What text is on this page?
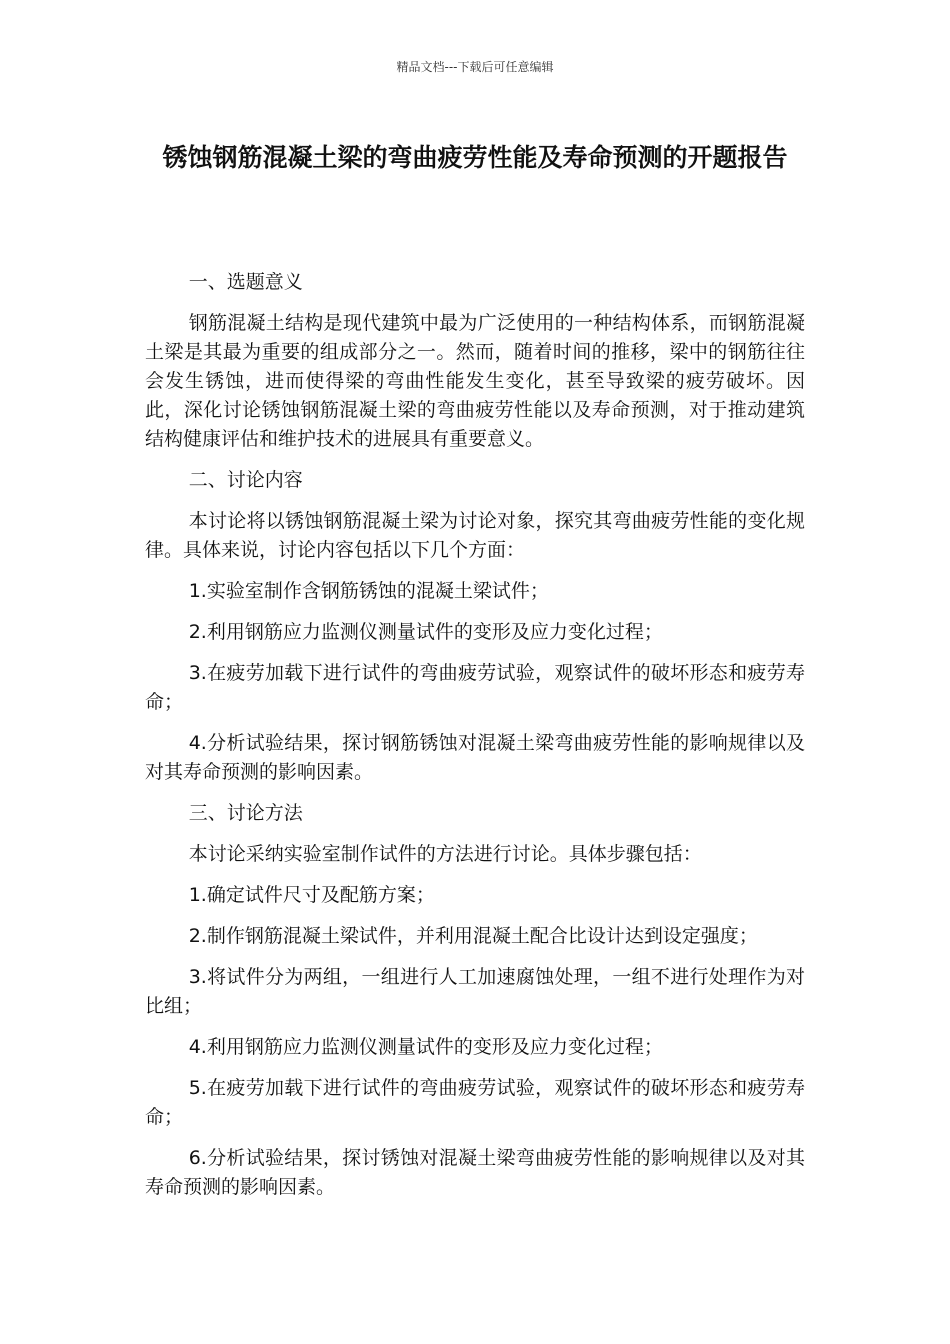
精品文档---下载后可任意编辑
锈蚀钢筋混凝土梁的弯曲疲劳性能及寿命预测的开题报告

一、选题意义

钢筋混凝土结构是现代建筑中最为广泛使用的一种结构体系，而钢筋混凝土梁是其最为重要的组成部分之一。然而，随着时间的推移，梁中的钢筋往往会发生锈蚀，进而使得梁的弯曲性能发生变化，甚至导致梁的疲劳破坏。因此，深化讨论锈蚀钢筋混凝土梁的弯曲疲劳性能以及寿命预测，对于推动建筑结构健康评估和维护技术的进展具有重要意义。

二、讨论内容

本讨论将以锈蚀钢筋混凝土梁为讨论对象，探究其弯曲疲劳性能的变化规律。具体来说，讨论内容包括以下几个方面：

1.实验室制作含钢筋锈蚀的混凝土梁试件；

2.利用钢筋应力监测仪测量试件的变形及应力变化过程；

3.在疲劳加载下进行试件的弯曲疲劳试验，观察试件的破坏形态和疲劳寿命；

4.分析试验结果，探讨钢筋锈蚀对混凝土梁弯曲疲劳性能的影响规律以及对其寿命预测的影响因素。

三、讨论方法

本讨论采纳实验室制作试件的方法进行讨论。具体步骤包括：

1.确定试件尺寸及配筋方案；

2.制作钢筋混凝土梁试件，并利用混凝土配合比设计达到设定强度；

3.将试件分为两组，一组进行人工加速腐蚀处理，一组不进行处理作为对比组；

4.利用钢筋应力监测仪测量试件的变形及应力变化过程；

5.在疲劳加载下进行试件的弯曲疲劳试验，观察试件的破坏形态和疲劳寿命；

6.分析试验结果，探讨锈蚀对混凝土梁弯曲疲劳性能的影响规律以及对其寿命预测的影响因素。
